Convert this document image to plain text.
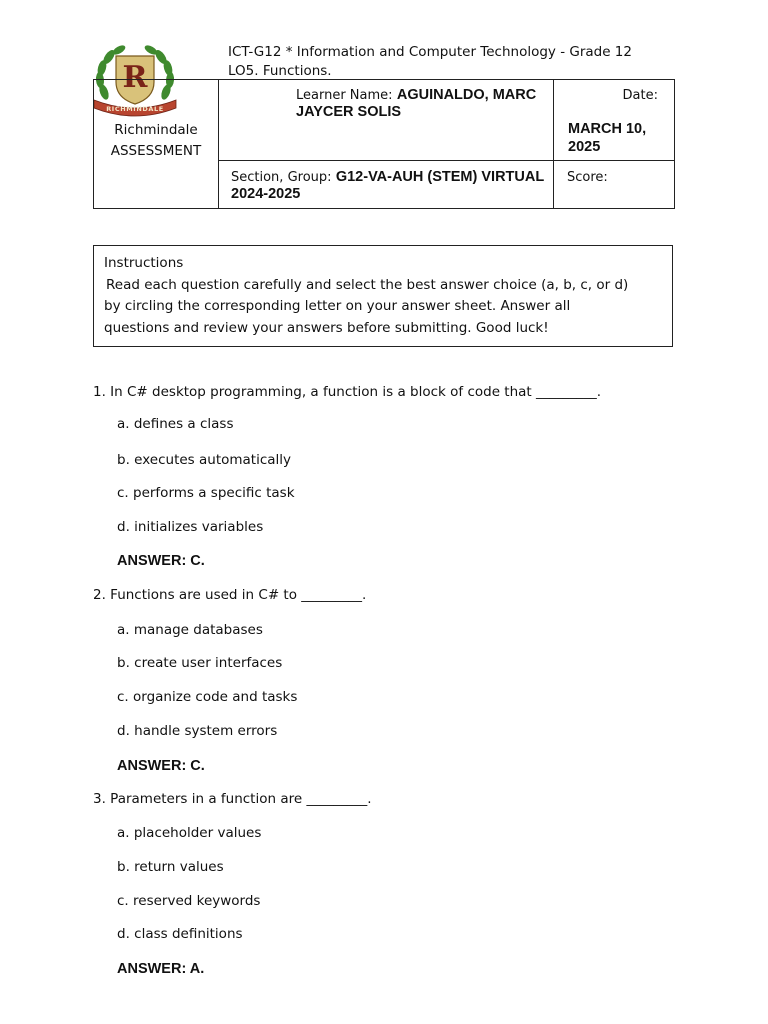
ICT-G12 * Information and Computer Technology - Grade 12
LO5. Functions.
R
RICHMINDALE
Richmindale
ASSESSMENT
Learner Name: AGUINALDO, MARC JAYCER SOLIS
Date:
MARCH 10, 2025
Section, Group: G12-VA-AUH (STEM) VIRTUAL 2024-2025
Score:
Instructions
Read each question carefully and select the best answer choice (a, b, c, or d)
by circling the corresponding letter on your answer sheet. Answer all
questions and review your answers before submitting. Good luck!
1. In C# desktop programming, a function is a block of code that _________.
a. defines a class
b. executes automatically
c. performs a specific task
d. initializes variables
ANSWER: C.
2. Functions are used in C# to _________.
a. manage databases
b. create user interfaces
c. organize code and tasks
d. handle system errors
ANSWER: C.
3. Parameters in a function are _________.
a. placeholder values
b. return values
c. reserved keywords
d. class definitions
ANSWER: A.
